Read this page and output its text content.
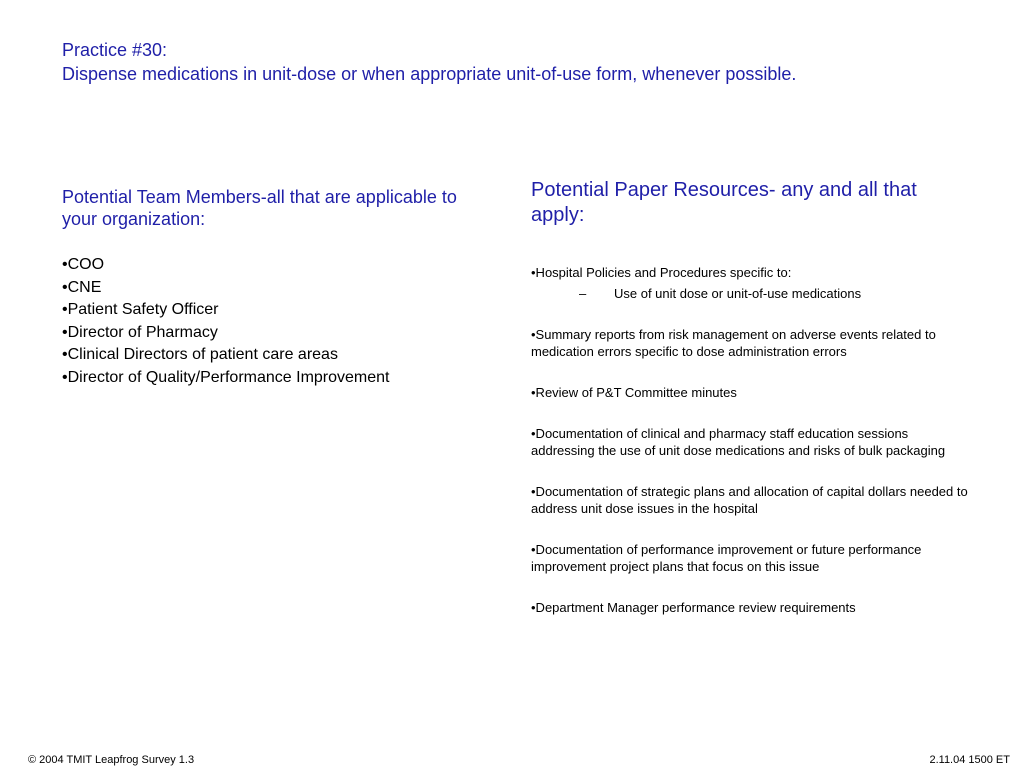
Practice #30:
Dispense medications in unit-dose or when appropriate unit-of-use form, whenever possible.
Potential Team Members-all that are applicable to your organization:
•COO
•CNE
•Patient Safety Officer
•Director of Pharmacy
•Clinical Directors of patient care areas
•Director of Quality/Performance Improvement
Potential Paper Resources- any and all that apply:
•Hospital Policies and Procedures specific to:
–	Use of unit dose or unit-of-use medications
•Summary reports from risk management on adverse events related to medication errors specific to dose administration errors
•Review of P&T Committee minutes
•Documentation of clinical and pharmacy staff education sessions addressing the use of unit dose medications and risks of bulk packaging
•Documentation of strategic plans and allocation of capital dollars needed to address unit dose issues in the hospital
•Documentation of performance improvement or future performance improvement project plans that focus on this issue
•Department Manager performance review requirements
© 2004 TMIT Leapfrog Survey 1.3	2.11.04 1500 ET
